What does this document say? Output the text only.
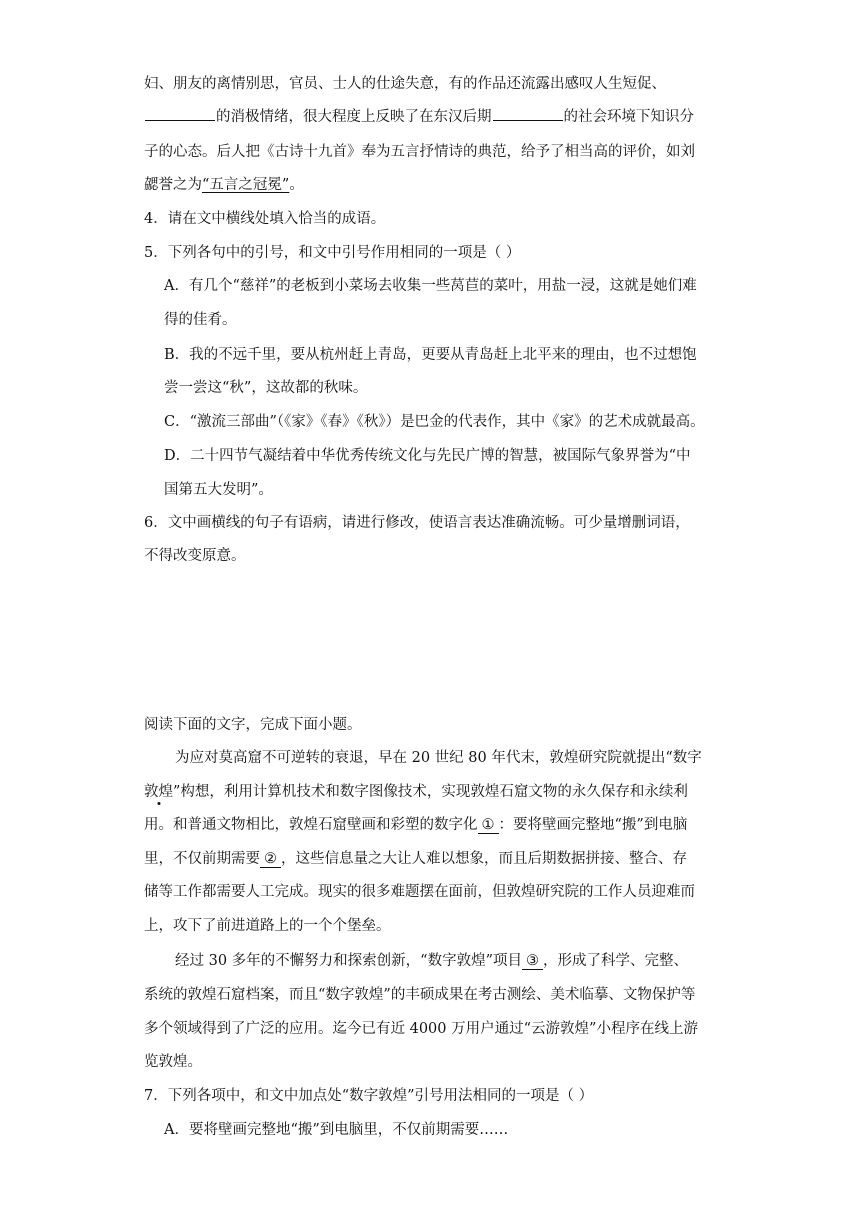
妇、朋友的离情别思，官员、士人的仕途失意，有的作品还流露出感叹人生短促、
的消极情绪，很大程度上反映了在东汉后期	的社会环境下知识分
子的心态。后人把《古诗十九首》奉为五言抒情诗的典范，给予了相当高的评价，如刘
勰誉之为“五言之冠冕”。
4．请在文中横线处填入恰当的成语。
5．下列各句中的引号，和文中引号作用相同的一项是（ ）
A．有几个“慈祥”的老板到小菜场去收集一些莴苣的菜叶，用盐一浸，这就是她们难
得的佳肴。
B．我的不远千里，要从杭州赶上青岛，更要从青岛赶上北平来的理由，也不过想饱
尝一尝这“秋”，这故都的秋味。
C．“激流三部曲”（《家》《春》《秋》）是巴金的代表作，其中《家》的艺术成就最高。
D．二十四节气凝结着中华优秀传统文化与先民广博的智慧，被国际气象界誉为“中
国第五大发明”。
6．文中画横线的句子有语病，请进行修改，使语言表达准确流畅。可少量增删词语，
不得改变原意。
阅读下面的文字，完成下面小题。
为应对莫高窟不可逆转的衰退，早在 20 世纪 80 年代末，敦煌研究院就提出“数字
敦煌”构想，利用计算机技术和数字图像技术，实现敦煌石窟文物的永久保存和永续利
用。和普通文物相比，敦煌石窟壁画和彩塑的数字化 ① ：要将壁画完整地“搬”到电脑
里，不仅前期需要 ② ，这些信息量之大让人难以想象，而且后期数据拼接、整合、存
储等工作都需要人工完成。现实的很多难题摆在面前，但敦煌研究院的工作人员迎难而
上，攻下了前进道路上的一个个堡垒。
经过 30 多年的不懈努力和探索创新，“数字敦煌”项目 ③ ，形成了科学、完整、
系统的敦煌石窟档案，而且“数字敦煌”的丰硕成果在考古测绘、美术临摹、文物保护等
多个领域得到了广泛的应用。迄今已有近 4000 万用户通过“云游敦煌”小程序在线上游
览敦煌。
7．下列各项中，和文中加点处“数字敦煌”引号用法相同的一项是（ ）
A．要将壁画完整地“搬”到电脑里，不仅前期需要……
